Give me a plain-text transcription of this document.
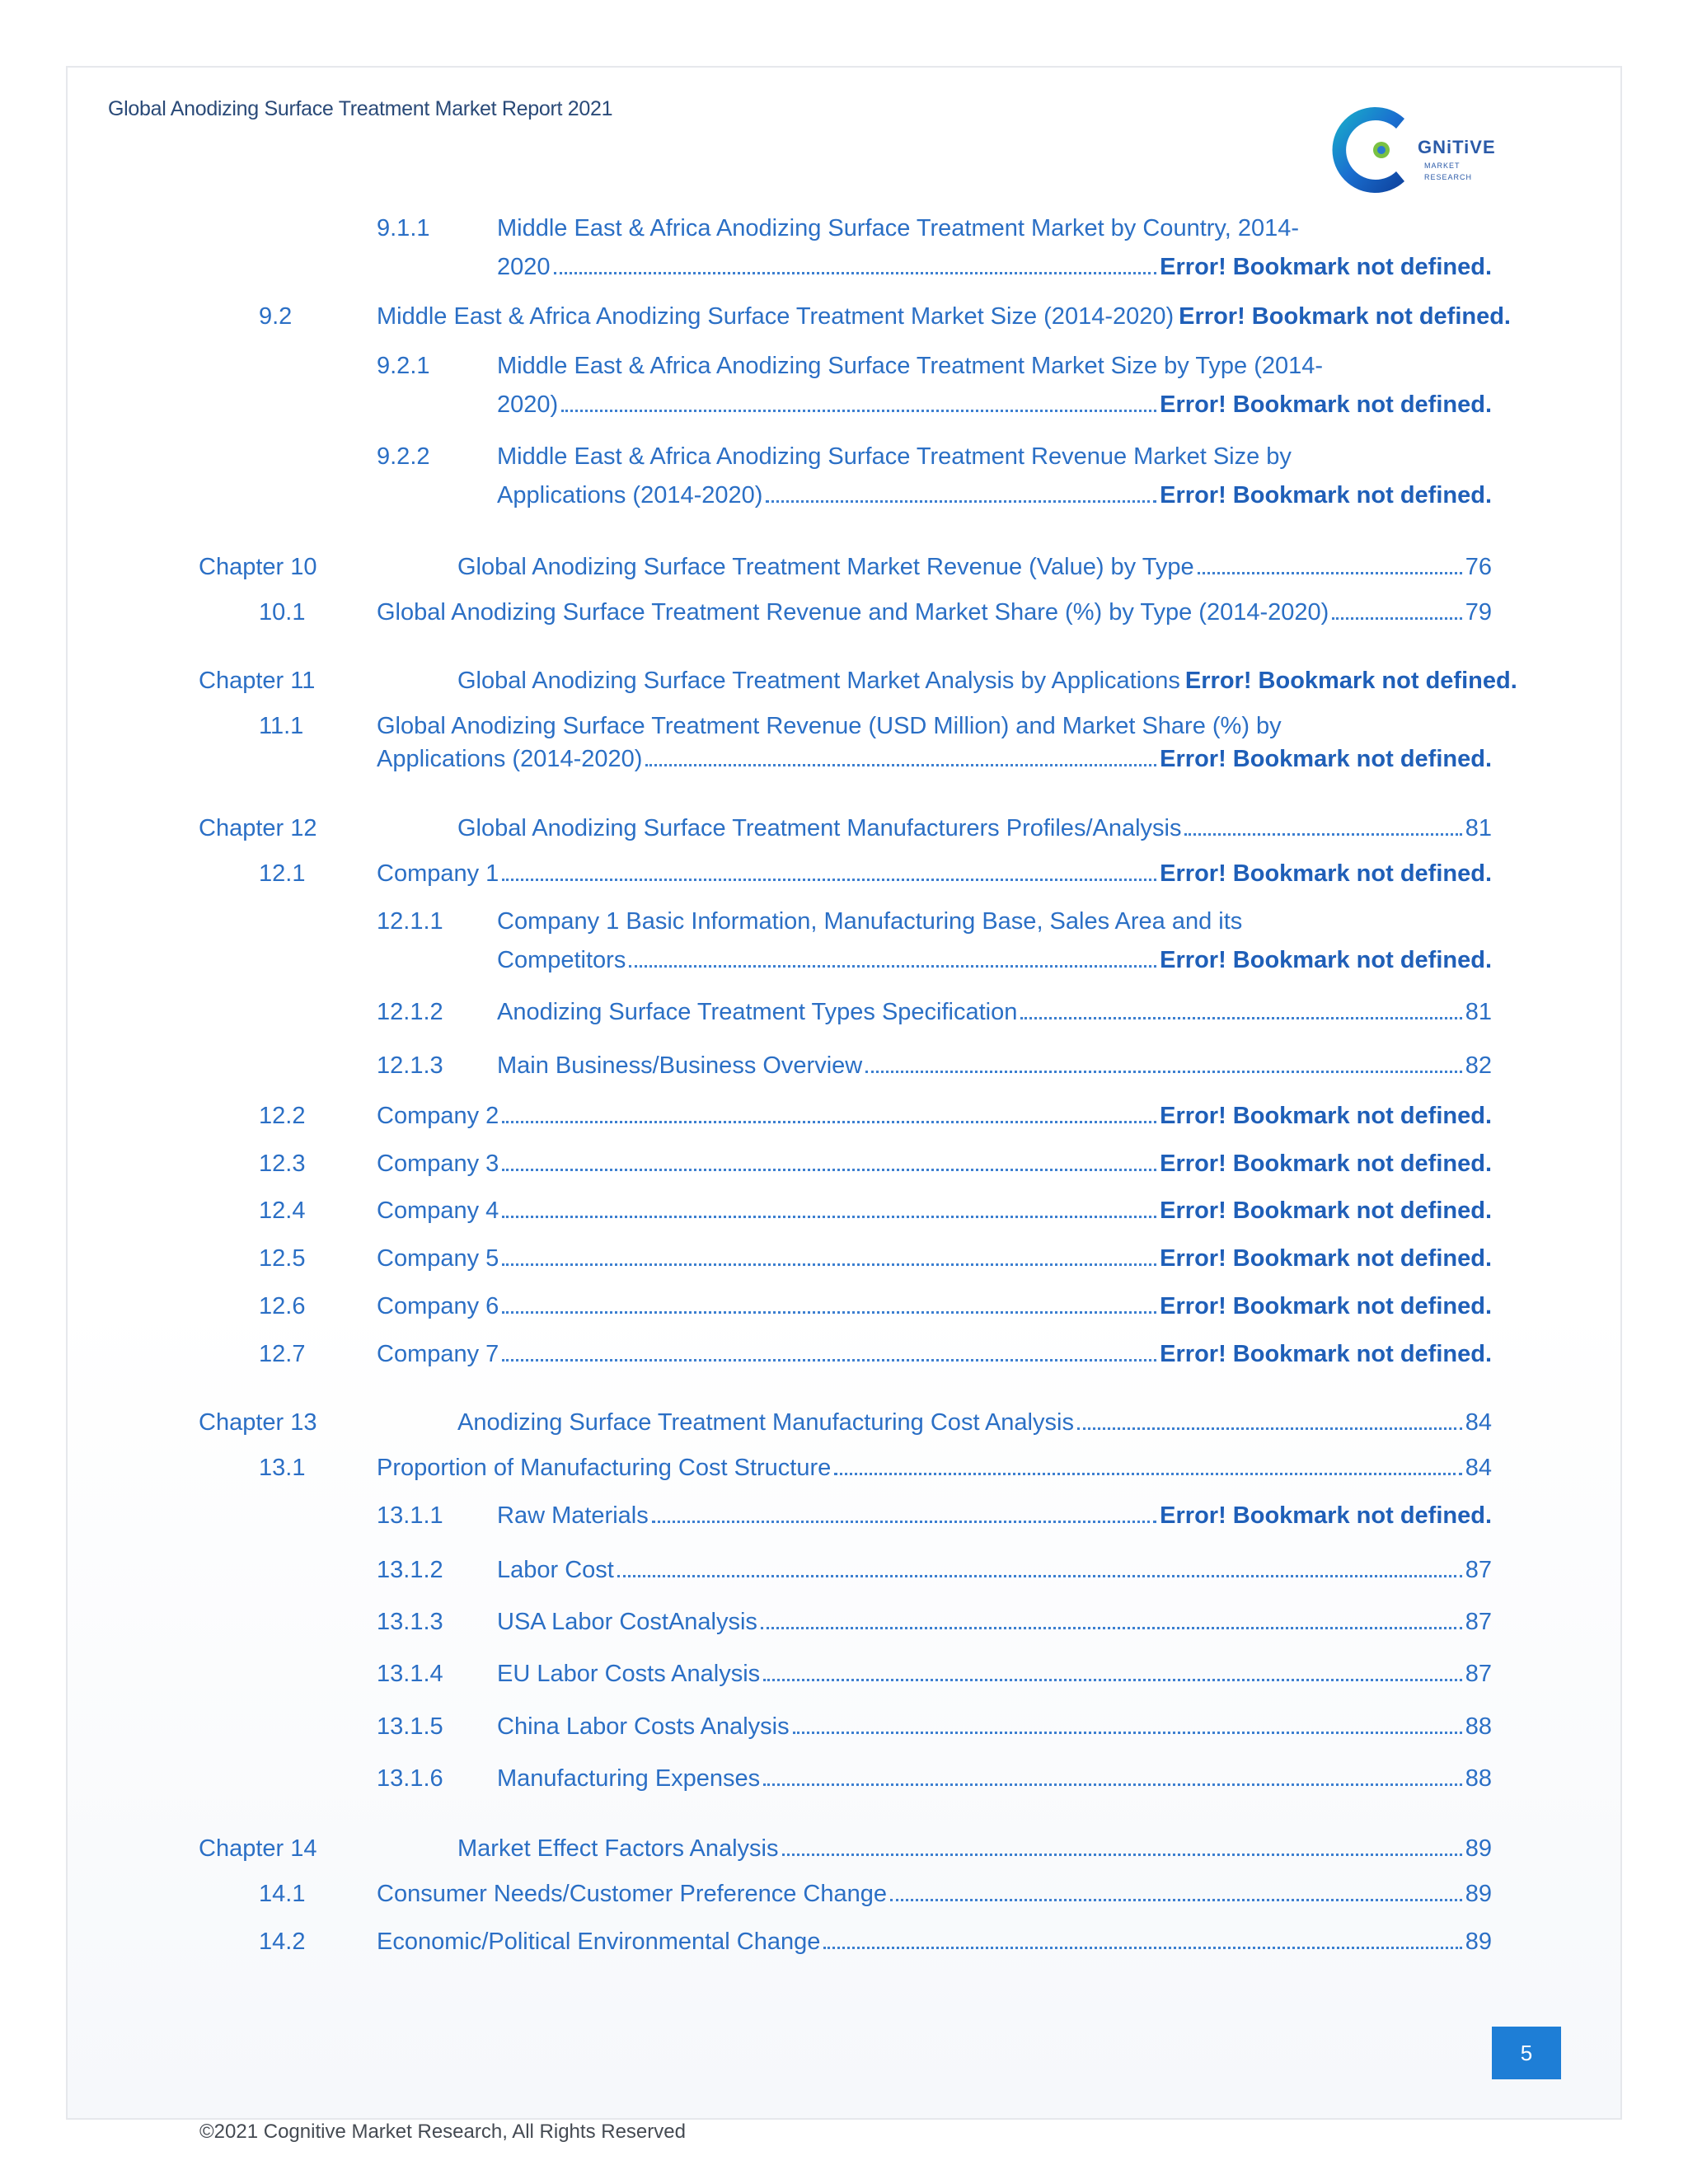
Global Anodizing Surface Treatment Market Report 2021
GNiTiVE
MARKET
RESEARCH
9.1.1	Middle East & Africa Anodizing Surface Treatment Market by Country, 2014-
2020	Error! Bookmark not defined.
9.2	Middle East & Africa Anodizing Surface Treatment Market Size (2014-2020) Error! Bookmark not defined.
9.2.1	Middle East & Africa Anodizing Surface Treatment Market Size by Type (2014-
2020)	Error! Bookmark not defined.
9.2.2	Middle East & Africa Anodizing Surface Treatment Revenue Market Size by
Applications (2014-2020)	Error! Bookmark not defined.
Chapter 10	Global Anodizing Surface Treatment Market Revenue (Value) by Type	76
10.1	Global Anodizing Surface Treatment Revenue and Market Share (%) by Type (2014-2020)	79
Chapter 11	Global Anodizing Surface Treatment Market Analysis by Applications Error! Bookmark not defined.
11.1	Global Anodizing Surface Treatment Revenue (USD Million) and Market Share (%) by
Applications (2014-2020)	Error! Bookmark not defined.
Chapter 12	Global Anodizing Surface Treatment Manufacturers Profiles/Analysis	81
12.1	Company 1	Error! Bookmark not defined.
12.1.1 Company 1 Basic Information, Manufacturing Base, Sales Area and its
Competitors	Error! Bookmark not defined.
12.1.2 Anodizing Surface Treatment Types Specification	81
12.1.3 Main Business/Business Overview	82
12.2	Company 2	Error! Bookmark not defined.
12.3	Company 3	Error! Bookmark not defined.
12.4	Company 4	Error! Bookmark not defined.
12.5	Company 5	Error! Bookmark not defined.
12.6	Company 6	Error! Bookmark not defined.
12.7	Company 7	Error! Bookmark not defined.
Chapter 13	Anodizing Surface Treatment Manufacturing Cost Analysis	84
13.1	Proportion of Manufacturing Cost Structure	84
13.1.1 Raw Materials	Error! Bookmark not defined.
13.1.2 Labor Cost	87
13.1.3 USA Labor CostAnalysis	87
13.1.4 EU Labor Costs Analysis	87
13.1.5 China Labor Costs Analysis	88
13.1.6 Manufacturing Expenses	88
Chapter 14	Market Effect Factors Analysis	89
14.1	Consumer Needs/Customer Preference Change	89
14.2	Economic/Political Environmental Change	89
5
©2021 Cognitive Market Research, All Rights Reserved
